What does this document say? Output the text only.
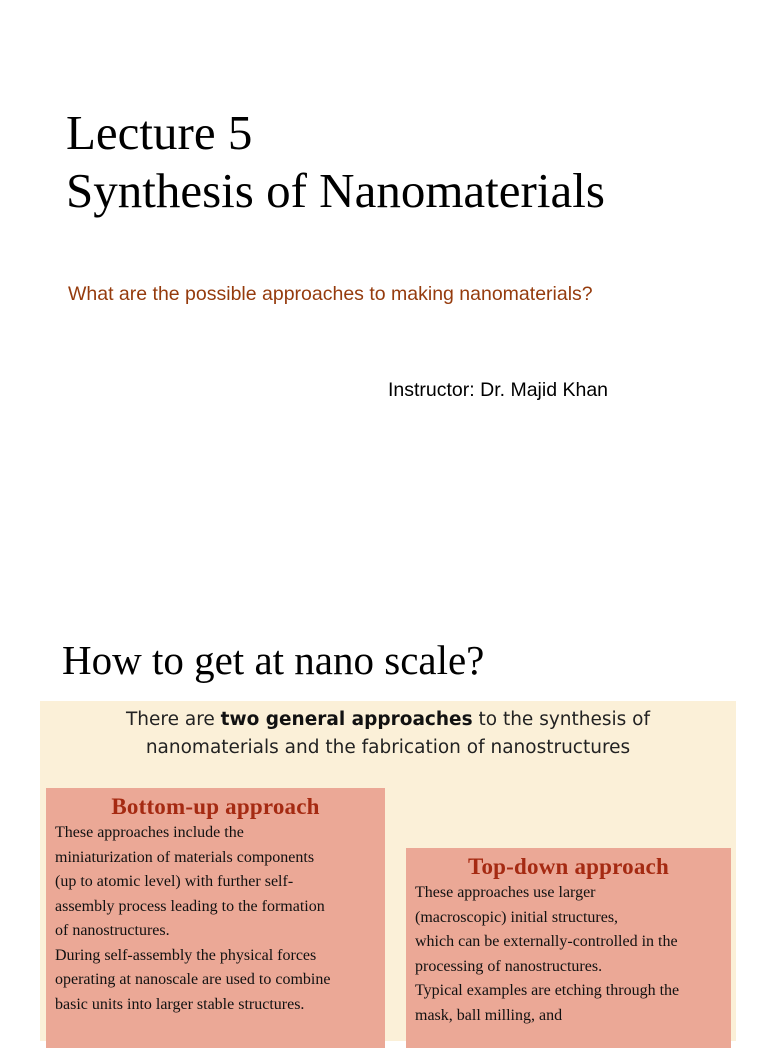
Lecture 5
Synthesis of Nanomaterials
What are the possible approaches to making nanomaterials?
Instructor: Dr. Majid Khan
How to get at nano scale?
There are two general approaches to the synthesis of
nanomaterials and the fabrication of nanostructures
Bottom-up approach
These approaches include the
miniaturization of materials components
(up to atomic level) with further self-
assembly process leading to the formation
of nanostructures.
During self-assembly the physical forces
operating at nanoscale are used to combine
basic units into larger stable structures.
Top-down approach
These approaches use larger
(macroscopic) initial structures,
which can be externally-controlled in the
processing of nanostructures.
Typical examples are etching through the
mask, ball milling, and
